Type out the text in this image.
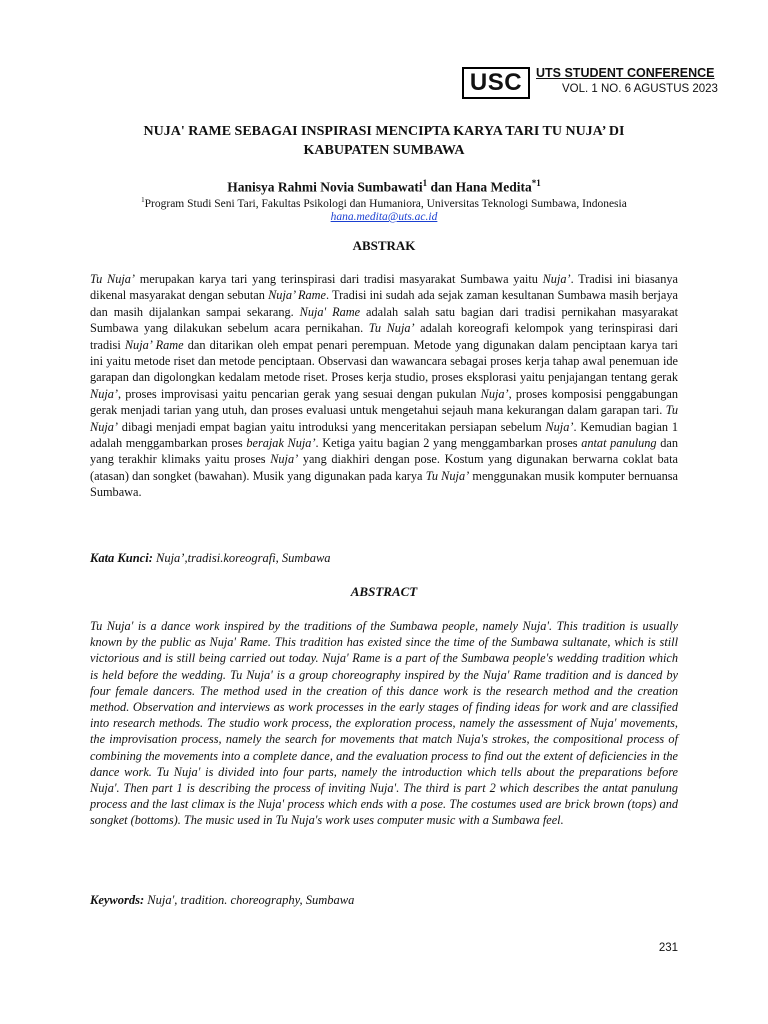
USC	UTS STUDENT CONFERENCE
VOL. 1 NO. 6 AGUSTUS 2023
NUJA' RAME SEBAGAI INSPIRASI MENCIPTA KARYA TARI TU NUJA’ DI KABUPATEN SUMBAWA
Hanisya Rahmi Novia Sumbawati$^1$ dan Hana Medita$^{*1}$
$^1$Program Studi Seni Tari, Fakultas Psikologi dan Humaniora, Universitas Teknologi Sumbawa, Indonesia
hana.medita@uts.ac.id
ABSTRAK

Tu Nuja’ merupakan karya tari yang terinspirasi dari tradisi masyarakat Sumbawa yaitu Nuja’. Tradisi ini biasanya dikenal masyarakat dengan sebutan Nuja’ Rame. Tradisi ini sudah ada sejak zaman kesultanan Sumbawa masih berjaya dan masih dijalankan sampai sekarang. Nuja' Rame adalah salah satu bagian dari tradisi pernikahan masyarakat Sumbawa yang dilakukan sebelum acara pernikahan. Tu Nuja’ adalah koreografi kelompok yang terinspirasi dari tradisi Nuja’ Rame dan ditarikan oleh empat penari perempuan. Metode yang digunakan dalam penciptaan karya tari ini yaitu metode riset dan metode penciptaan. Observasi dan wawancara sebagai proses kerja tahap awal penemuan ide garapan dan digolongkan kedalam metode riset. Proses kerja studio, proses eksplorasi yaitu penjajangan tentang gerak Nuja’, proses improvisasi yaitu pencarian gerak yang sesuai dengan pukulan Nuja’, proses komposisi penggabungan gerak menjadi tarian yang utuh, dan proses evaluasi untuk mengetahui sejauh mana kekurangan dalam garapan tari. Tu Nuja’ dibagi menjadi empat bagian yaitu introduksi yang menceritakan persiapan sebelum Nuja’. Kemudian bagian 1 adalah menggambarkan proses berajak Nuja’. Ketiga yaitu bagian 2 yang menggambarkan proses antat panulung dan yang terakhir klimaks yaitu proses Nuja’ yang diakhiri dengan pose. Kostum yang digunakan berwarna coklat bata (atasan) dan songket (bawahan). Musik yang digunakan pada karya Tu Nuja’ menggunakan musik komputer bernuansa Sumbawa.

Kata Kunci: Nuja’,tradisi.koreografi, Sumbawa
ABSTRACT

Tu Nuja' is a dance work inspired by the traditions of the Sumbawa people, namely Nuja'. This tradition is usually known by the public as Nuja' Rame. This tradition has existed since the time of the Sumbawa sultanate, which is still victorious and is still being carried out today. Nuja' Rame is a part of the Sumbawa people's wedding tradition which is held before the wedding. Tu Nuja' is a group choreography inspired by the Nuja' Rame tradition and is danced by four female dancers. The method used in the creation of this dance work is the research method and the creation method. Observation and interviews as work processes in the early stages of finding ideas for work and are classified into research methods. The studio work process, the exploration process, namely the assessment of Nuja' movements, the improvisation process, namely the search for movements that match Nuja's strokes, the compositional process of combining the movements into a complete dance, and the evaluation process to find out the extent of deficiencies in the dance work. Tu Nuja' is divided into four parts, namely the introduction which tells about the preparations before Nuja'. Then part 1 is describing the process of inviting Nuja'. The third is part 2 which describes the antat panulung process and the last climax is the Nuja' process which ends with a pose. The costumes used are brick brown (tops) and songket (bottoms). The music used in Tu Nuja's work uses computer music with a Sumbawa feel.

Keywords: Nuja', tradition. choreography, Sumbawa
231
